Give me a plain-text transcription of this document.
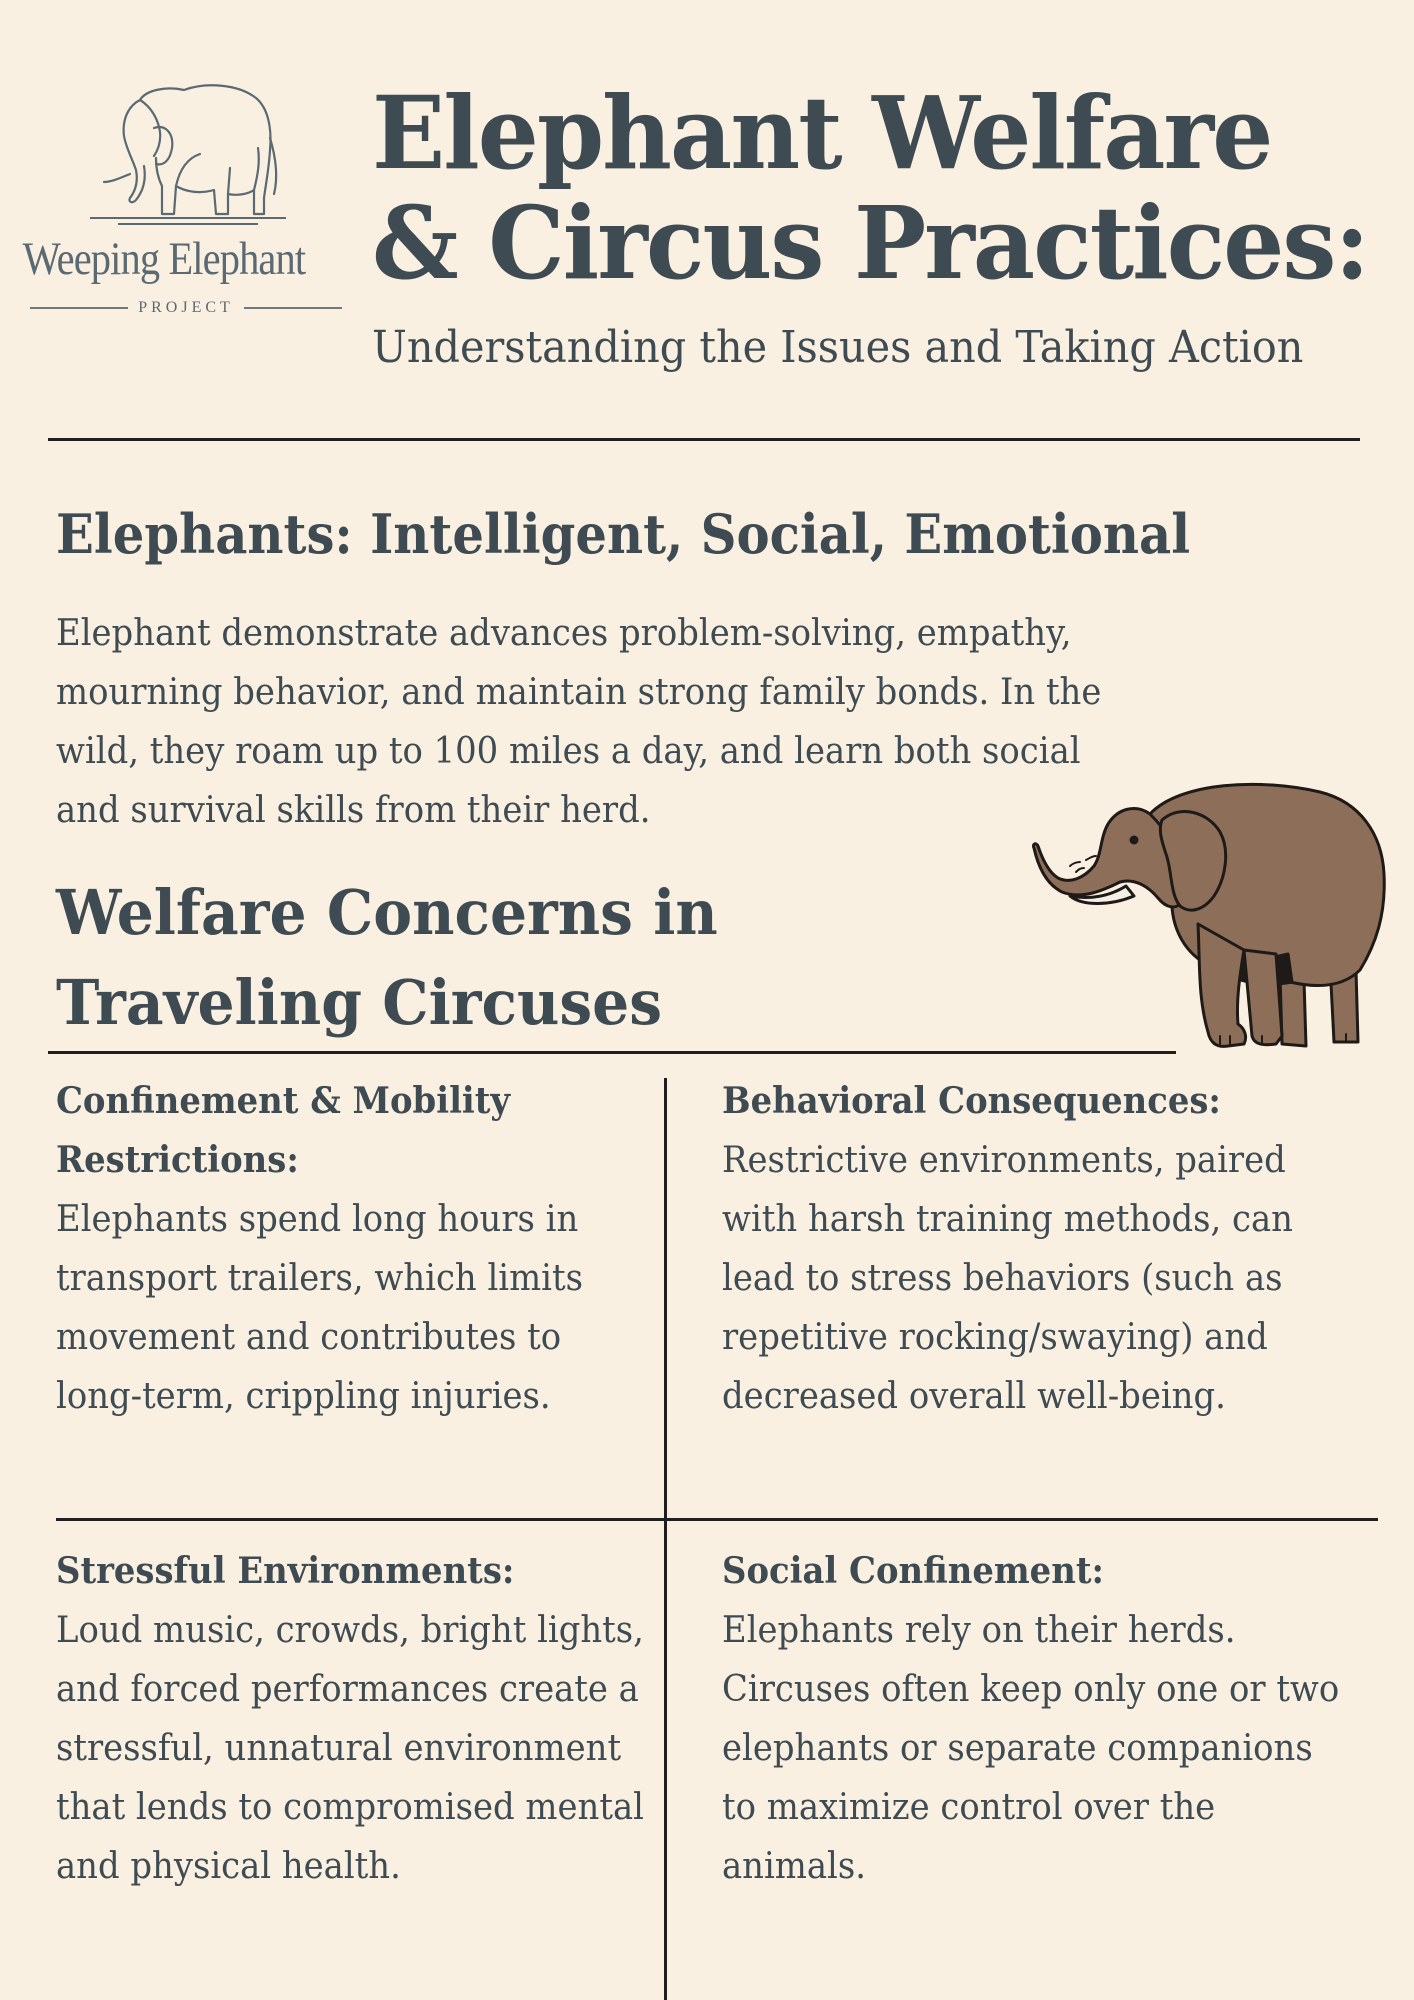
Weeping Elephant
PROJECT
Elephant Welfare
& Circus Practices:
Understanding the Issues and Taking Action
Elephants: Intelligent, Social, Emotional

Elephant demonstrate advances problem-solving, empathy, mourning behavior, and maintain strong family bonds. In the wild, they roam up to 100 miles a day, and learn both social and survival skills from their herd.

Welfare Concerns in Traveling Circuses
Confinement & Mobility Restrictions:
Elephants spend long hours in transport trailers, which limits movement and contributes to long-term, crippling injuries.
Behavioral Consequences:
Restrictive environments, paired with harsh training methods, can lead to stress behaviors (such as repetitive rocking/swaying) and decreased overall well-being.
Stressful Environments:
Loud music, crowds, bright lights, and forced performances create a stressful, unnatural environment that lends to compromised mental and physical health.
Social Confinement:
Elephants rely on their herds. Circuses often keep only one or two elephants or separate companions to maximize control over the animals.
